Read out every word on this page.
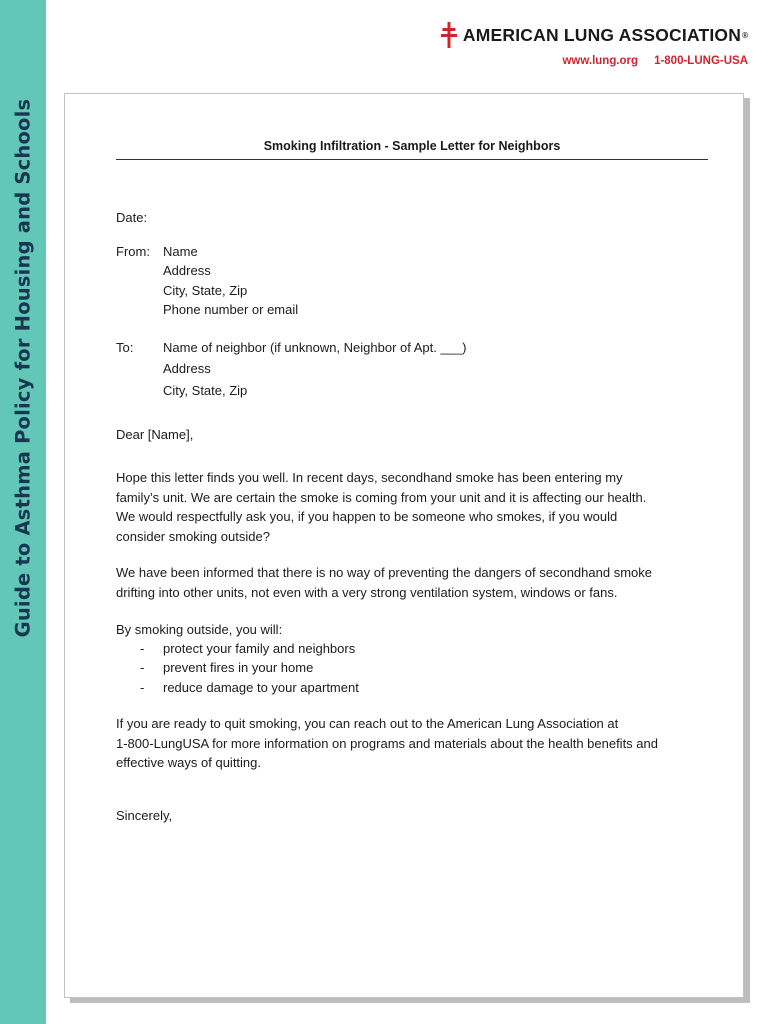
Guide to Asthma Policy for Housing and Schools
AMERICAN LUNG ASSOCIATION ®
www.lung.org 1-800-LUNG-USA
Smoking Infiltration - Sample Letter for Neighbors
Date:
From: Name
Address
City, State, Zip
Phone number or email
To: Name of neighbor (if unknown, Neighbor of Apt. ___)
Address
City, State, Zip
Dear [Name],
Hope this letter finds you well. In recent days, secondhand smoke has been entering my
family’s unit. We are certain the smoke is coming from your unit and it is affecting our health.
We would respectfully ask you, if you happen to be someone who smokes, if you would
consider smoking outside?
We have been informed that there is no way of preventing the dangers of secondhand smoke
drifting into other units, not even with a very strong ventilation system, windows or fans.
By smoking outside, you will:
- protect your family and neighbors
- prevent fires in your home
- reduce damage to your apartment
If you are ready to quit smoking, you can reach out to the American Lung Association at
1-800-LungUSA for more information on programs and materials about the health benefits and
effective ways of quitting.
Sincerely,
